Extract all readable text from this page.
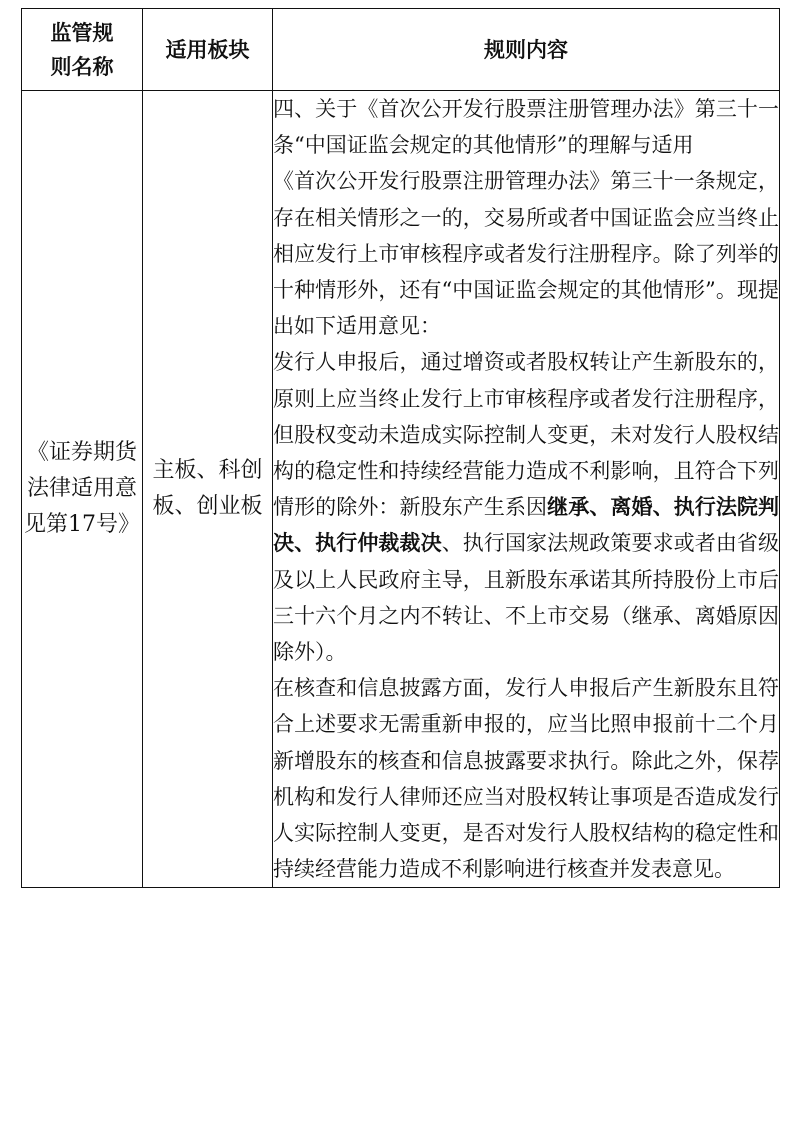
监管规则名称	适用板块	规则内容
《证券期货法律适用意见第17号》	主板、科创板、创业板	四、关于《首次公开发行股票注册管理办法》第三十一条“中国证监会规定的其他情形”的理解与适用

《首次公开发行股票注册管理办法》第三十一条规定，存在相关情形之一的，交易所或者中国证监会应当终止相应发行上市审核程序或者发行注册程序。除了列举的十种情形外，还有“中国证监会规定的其他情形”。现提出如下适用意见：

发行人申报后，通过增资或者股权转让产生新股东的，原则上应当终止发行上市审核程序或者发行注册程序，但股权变动未造成实际控制人变更，未对发行人股权结构的稳定性和持续经营能力造成不利影响，且符合下列情形的除外：新股东产生系因继承、离婚、执行法院判决、执行仲裁裁决、执行国家法规政策要求或者由省级及以上人民政府主导，且新股东承诺其所持股份上市后三十六个月之内不转让、不上市交易（继承、离婚原因除外）。

在核查和信息披露方面，发行人申报后产生新股东且符合上述要求无需重新申报的，应当比照申报前十二个月新增股东的核查和信息披露要求执行。除此之外，保荐机构和发行人律师还应当对股权转让事项是否造成发行人实际控制人变更，是否对发行人股权结构的稳定性和持续经营能力造成不利影响进行核查并发表意见。
